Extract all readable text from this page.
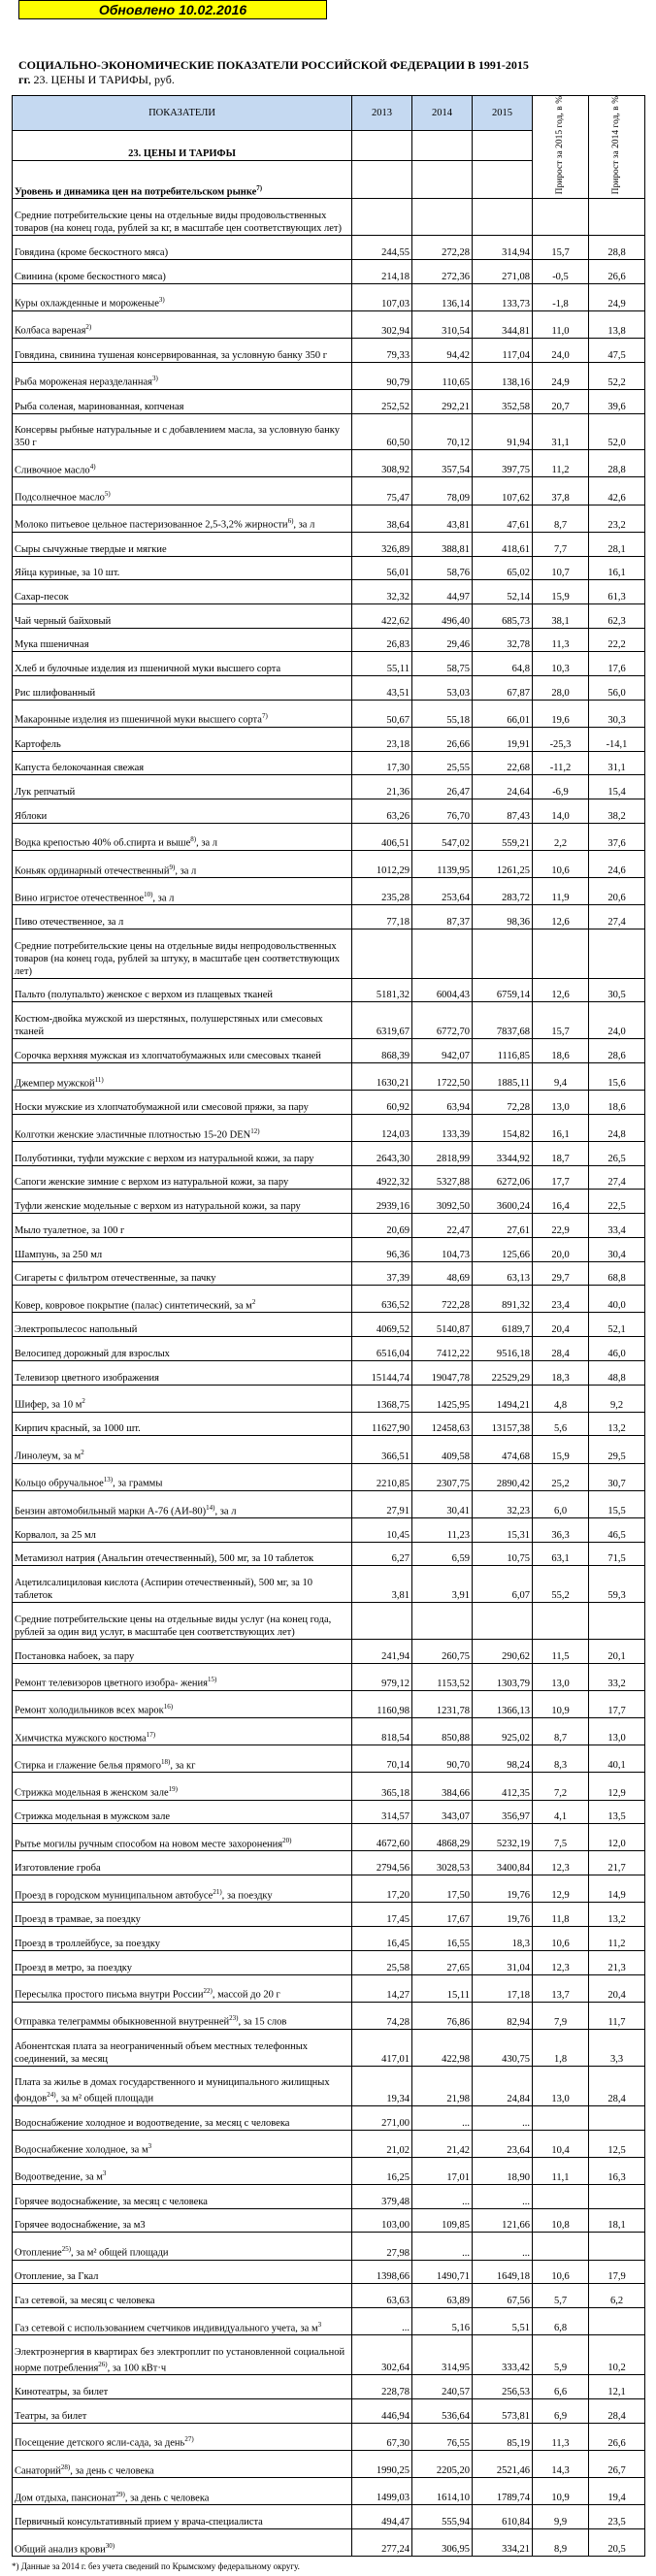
Обновлено 10.02.2016
СОЦИАЛЬНО-ЭКОНОМИЧЕСКИЕ ПОКАЗАТЕЛИ РОССИЙСКОЙ ФЕДЕРАЦИИ В 1991-2015 гг. 23. ЦЕНЫ И ТАРИФЫ, руб.
ПОКАЗАТЕЛИ	2013	2014	2015	Прирост за 2015 год, в %	Прирост за 2014 год, в %
23. ЦЕНЫ И ТАРИФЫ					
Уровень и динамика цен на потребительском рынке$^{7)}$			
Средние потребительские цены на отдельные виды продовольственных товаров (на конец года, рублей за кг, в масштабе цен соответствующих лет)					
Говядина (кроме бескостного мяса)	244,55	272,28	314,94	15,7	28,8
Свинина (кроме бескостного мяса)	214,18	272,36	271,08	-0,5	26,6
Куры охлажденные и мороженые$^{3)}$	107,03	136,14	133,73	-1,8	24,9
Колбаса вареная$^{2)}$	302,94	310,54	344,81	11,0	13,8
Говядина, свинина тушеная консервированная, за условную банку 350 г	79,33	94,42	117,04	24,0	47,5
Рыба мороженая неразделанная$^{3)}$	90,79	110,65	138,16	24,9	52,2
Рыба соленая, маринованная, копченая	252,52	292,21	352,58	20,7	39,6
Консервы рыбные натуральные и с добавлением масла, за условную банку 350 г	60,50	70,12	91,94	31,1	52,0
Сливочное масло$^{4)}$	308,92	357,54	397,75	11,2	28,8
Подсолнечное масло$^{5)}$	75,47	78,09	107,62	37,8	42,6
Молоко питьевое цельное пастеризованное 2,5-3,2% жирности$^{6)}$, за л	38,64	43,81	47,61	8,7	23,2
Сыры сычужные твердые и мягкие	326,89	388,81	418,61	7,7	28,1
Яйца куриные, за 10 шт.	56,01	58,76	65,02	10,7	16,1
Сахар-песок	32,32	44,97	52,14	15,9	61,3
Чай черный байховый	422,62	496,40	685,73	38,1	62,3
Мука пшеничная	26,83	29,46	32,78	11,3	22,2
Хлеб и булочные изделия из пшеничной муки высшего сорта	55,11	58,75	64,8	10,3	17,6
Рис шлифованный	43,51	53,03	67,87	28,0	56,0
Макаронные изделия из пшеничной муки высшего сорта$^{7)}$	50,67	55,18	66,01	19,6	30,3
Картофель	23,18	26,66	19,91	-25,3	-14,1
Капуста белокочанная свежая	17,30	25,55	22,68	-11,2	31,1
Лук репчатый	21,36	26,47	24,64	-6,9	15,4
Яблоки	63,26	76,70	87,43	14,0	38,2
Водка крепостью 40% об.спирта и выше$^{8)}$, за л	406,51	547,02	559,21	2,2	37,6
Коньяк ординарный отечественный$^{9)}$, за л	1012,29	1139,95	1261,25	10,6	24,6
Вино игристое отечественное$^{10)}$, за л	235,28	253,64	283,72	11,9	20,6
Пиво отечественное, за л	77,18	87,37	98,36	12,6	27,4
Средние потребительские цены на отдельные виды непродовольственных товаров (на конец года, рублей за штуку, в масштабе цен соответствующих лет)					
Пальто (полупальто) женское с верхом из плащевых тканей	5181,32	6004,43	6759,14	12,6	30,5
Костюм-двойка мужской из шерстяных, полушерстяных или смесовых тканей	6319,67	6772,70	7837,68	15,7	24,0
Сорочка верхняя мужская из хлопчатобумажных или смесовых тканей	868,39	942,07	1116,85	18,6	28,6
Джемпер мужской$^{11)}$	1630,21	1722,50	1885,11	9,4	15,6
Носки мужские из хлопчатобумажной или смесовой пряжи, за пару	60,92	63,94	72,28	13,0	18,6
Колготки женские эластичные плотностью 15-20 DEN$^{12)}$	124,03	133,39	154,82	16,1	24,8
Полуботинки, туфли мужские с верхом из натуральной кожи, за пару	2643,30	2818,99	3344,92	18,7	26,5
Сапоги женские зимние с верхом из натуральной кожи, за пару	4922,32	5327,88	6272,06	17,7	27,4
Туфли женские модельные с верхом из натуральной кожи, за пару	2939,16	3092,50	3600,24	16,4	22,5
Мыло туалетное, за 100 г	20,69	22,47	27,61	22,9	33,4
Шампунь, за 250 мл	96,36	104,73	125,66	20,0	30,4
Сигареты с фильтром отечественные, за пачку	37,39	48,69	63,13	29,7	68,8
Ковер, ковровое покрытие (палас) синтетический, за $м^2$	636,52	722,28	891,32	23,4	40,0
Электропылесос напольный	4069,52	5140,87	6189,7	20,4	52,1
Велосипед дорожный для взрослых	6516,04	7412,22	9516,18	28,4	46,0
Телевизор цветного изображения	15144,74	19047,78	22529,29	18,3	48,8
Шифер, за 10 $м^2$	1368,75	1425,95	1494,21	4,8	9,2
Кирпич красный, за 1000 шт.	11627,90	12458,63	13157,38	5,6	13,2
Линолеум, за $м^2$	366,51	409,58	474,68	15,9	29,5
Кольцо обручальное$^{13)}$, за граммы	2210,85	2307,75	2890,42	25,2	30,7
Бензин автомобильный марки А-76 $(АИ-80)^{14)}$, за л	27,91	30,41	32,23	6,0	15,5
Корвалол, за 25 мл	10,45	11,23	15,31	36,3	46,5
Метамизол натрия (Анальгин отечественный), 500 мг, за 10 таблеток	6,27	6,59	10,75	63,1	71,5
Ацетилсалициловая кислота (Аспирин отечественный), 500 мг, за 10 таблеток	3,81	3,91	6,07	55,2	59,3
Средние потребительские цены на отдельные виды услуг (на конец года, рублей за один вид услуг, в масштабе цен соответствующих лет)					
Постановка набоек, за пару	241,94	260,75	290,62	11,5	20,1
Ремонт телевизоров цветного изобра- жения$^{15)}$	979,12	1153,52	1303,79	13,0	33,2
Ремонт холодильников всех марок$^{16)}$	1160,98	1231,78	1366,13	10,9	17,7
Химчистка мужского костюма$^{17)}$	818,54	850,88	925,02	8,7	13,0
Стирка и глажение белья прямого$^{18)}$, за кг	70,14	90,70	98,24	8,3	40,1
Стрижка модельная в женском зале$^{19)}$	365,18	384,66	412,35	7,2	12,9
Стрижка модельная в мужском зале	314,57	343,07	356,97	4,1	13,5
Рытье могилы ручным способом на новом месте захоронения$^{20)}$	4672,60	4868,29	5232,19	7,5	12,0
Изготовление гроба	2794,56	3028,53	3400,84	12,3	21,7
Проезд в городском муниципальном автобусе$^{21)}$, за поездку	17,20	17,50	19,76	12,9	14,9
Проезд в трамвае, за поездку	17,45	17,67	19,76	11,8	13,2
Проезд в троллейбусе, за поездку	16,45	16,55	18,3	10,6	11,2
Проезд в метро, за поездку	25,58	27,65	31,04	12,3	21,3
Пересылка простого письма внутри России$^{22)}$, массой до 20 г	14,27	15,11	17,18	13,7	20,4
Отправка телеграммы обыкновенной внутренней$^{23)}$, за 15 слов	74,28	76,86	82,94	7,9	11,7
Абонентская плата за неограниченный объем местных телефонных соединений, за месяц	417,01	422,98	430,75	1,8	3,3
Плата за жилье в домах государственного и муниципального жилищных фондов$^{24)}$, за м² общей площади	19,34	21,98	24,84	13,0	28,4
Водоснабжение холодное и водоотведение, за месяц с человека	271,00	...	...		
Водоснабжение холодное, за $м^3$	21,02	21,42	23,64	10,4	12,5
Водоотведение, за $м^3$	16,25	17,01	18,90	11,1	16,3
Горячее водоснабжение, за месяц с человека	379,48	...	...		
Горячее водоснабжение, за м3	103,00	109,85	121,66	10,8	18,1
Отопление$^{25)}$, за м² общей площади	27,98	...	...		
Отопление, за Гкал	1398,66	1490,71	1649,18	10,6	17,9
Газ сетевой, за месяц с человека	63,63	63,89	67,56	5,7	6,2
Газ сетевой с использованием счетчиков индивидуального учета, за $м^3$	...	5,16	5,51	6,8	
Электроэнергия в квартирах без электроплит по установленной социальной норме потребления$^{26)}$, за 100 кВт·ч	302,64	314,95	333,42	5,9	10,2
Кинотеатры, за билет	228,78	240,57	256,53	6,6	12,1
Театры, за билет	446,94	536,64	573,81	6,9	28,4
Посещение детского ясли-сада, за день$^{27)}$	67,30	76,55	85,19	11,3	26,6
Санаторий$^{28)}$, за день с человека	1990,25	2205,20	2521,46	14,3	26,7
Дом отдыха, пансионат$^{29)}$, за день с человека	1499,03	1614,10	1789,74	10,9	19,4
Первичный консультативный прием у врача-специалиста	494,47	555,94	610,84	9,9	23,5
Общий анализ крови$^{30)}$	277,24	306,95	334,21	8,9	20,5
*) Данные за 2014 г. без учета сведений по Крымскому федеральному округу.
